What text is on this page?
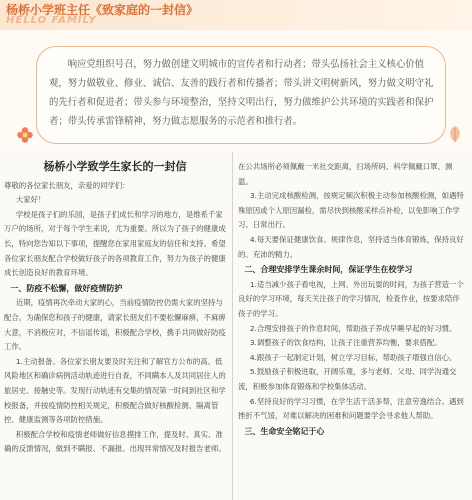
杨桥小学班主任《致家庭的一封信》
HELLO FAMILY
响应党组织号召，努力做创建文明城市的宣传者和行动者；带头弘扬社会主义核心价值观，努力做敬业、修业、诚信、友善的践行者和传播者；带头讲文明树新风，努力做文明守礼的先行者和促进者；带头参与环境整治，坚持文明出行，努力做维护公共环境的实践者和保护者；带头传承雷锋精神，努力做志愿服务的示范者和推行者。
杨桥小学致学生家长的一封信

尊敬的各位家长朋友，亲爱的同学们：

大家好！

学校是孩子们的乐园，是孩子们成长和学习的地方，是维系千家万户的场所，对于每个学生来说，尤为重要。所以为了孩子的健康成长，特向您告知以下事项，提醒您在家用家庭友的信任和支持。希望各位家长朋友配合学校做好孩子的各项教育工作，努力为孩子的健康成长创造良好的教育环境。

一、防疫不松懈，做好疫情防护

近期，疫情再次牵动大家的心，当前疫情防控仍需大家的坚持与配合。为确保您和孩子的健康，请家长朋友们不要松懈麻痹，不麻痹大意，不消极应对，不信谣传谣，积极配合学校，携手共同做好防疫工作。

1.主动报备。各位家长朋友要及时关注和了解官方公布的高、低风险地区和确诊病例活动轨迹进行自查，不同瞒本人及共同居住人的旅居史、接触史等。发现行动轨迹有交集的情况第一时间到社区和学校报备，并按疫情防控相关规定，积极配合做好核酸检测、隔离管控、健康监测等各项防控措施。

积极配合学校和疫情老师做好信息摸排工作，提及时、真实、准确的反馈情况，做到不瞒报、不漏报。出现异常情况及时报告老师。

在公共场所必须佩戴一米社交距离，扫场所码、科学佩戴口罩、测温。

3.主动完成核酸检测，按规定频次积极主动参加核酸检测，如遇特殊原因或个人原因漏检，需尽快到核酸采样点补检，以免影响工作学习、日常出行。

4.每天要保证健康饮食、规律作息，坚持适当体育锻炼，保持良好的、充沛的精力。

二、合理安排学生课余时间，保证学生在校学习

1.适当减少孩子看电视，上网、外出玩耍的时间，为孩子营造一个良好的学习环境，每天关注孩子的学习情况，检查作业，按要求陪伴孩子的学习。

2.合理安排孩子的作息时间，帮助孩子养成早睡早起的好习惯。

3.调整孩子的饮食结构，让孩子注重营养均衡，要求搭配。

4.跟孩子一起制定计划，树立学习目标，帮助孩子增强自信心。

5.鼓励孩子积极进取，开阔乐观，多与老师、父母、同学沟通交流，积极参加体育锻炼和学校集体活动。

6.坚持良好的学习习惯，在学生活干活多帮，注意劳逸结合。遇到挫折不气馁，对难以解决的困难和问题要学会寻求他人帮助。

三、生命安全铭记于心
